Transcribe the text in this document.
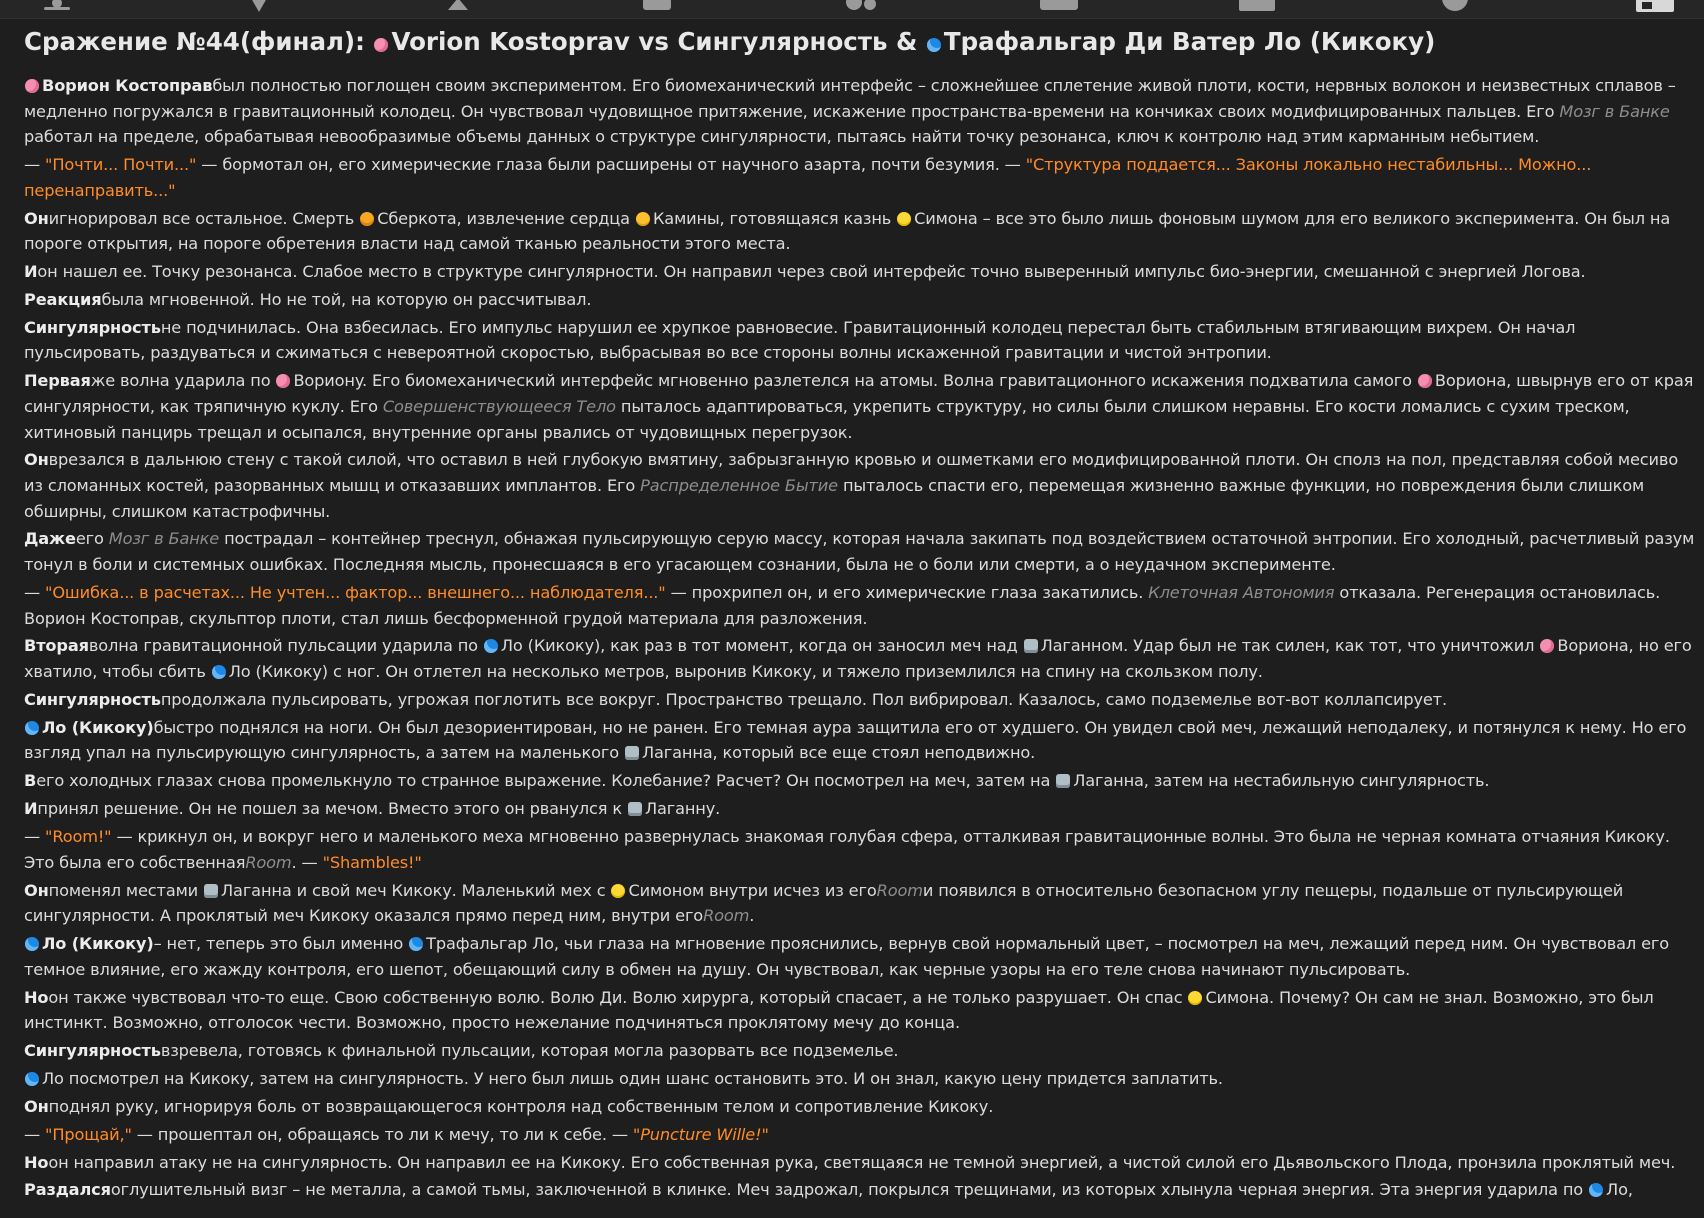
Сражение №44(финал): Vorion Kostoprav vs Сингулярность & Трафальгар Ди Ватер Ло (Кикоку)
Ворион Костоправбыл полностью поглощен своим экспериментом. Его биомеханический интерфейс – сложнейшее сплетение живой плоти, кости, нервных волокон и неизвестных сплавов – медленно погружался в гравитационный колодец. Он чувствовал чудовищное притяжение, искажение пространства-времени на кончиках своих модифицированных пальцев. Его Мозг в Банке работал на пределе, обрабатывая невообразимые объемы данных о структуре сингулярности, пытаясь найти точку резонанса, ключ к контролю над этим карманным небытием.
— "Почти... Почти..." — бормотал он, его химерические глаза были расширены от научного азарта, почти безумия. — "Структура поддается... Законы локально нестабильны... Можно... перенаправить..."
Онигнорировал все остальное. Смерть Сберкота, извлечение сердца Камины, готовящаяся казнь Симона – все это было лишь фоновым шумом для его великого эксперимента. Он был на пороге открытия, на пороге обретения власти над самой тканью реальности этого места.
Ион нашел ее. Точку резонанса. Слабое место в структуре сингулярности. Он направил через свой интерфейс точно выверенный импульс био-энергии, смешанной с энергией Логова.
Реакциябыла мгновенной. Но не той, на которую он рассчитывал.
Сингулярностьне подчинилась. Она взбесилась. Его импульс нарушил ее хрупкое равновесие. Гравитационный колодец перестал быть стабильным втягивающим вихрем. Он начал пульсировать, раздуваться и сжиматься с невероятной скоростью, выбрасывая во все стороны волны искаженной гравитации и чистой энтропии.
Перваяже волна ударила по Ворионy. Его биомеханический интерфейс мгновенно разлетелся на атомы. Волна гравитационного искажения подхватила самого Вориона, швырнув его от края сингулярности, как тряпичную куклу. Его Совершенствующееся Тело пыталось адаптироваться, укрепить структуру, но силы были слишком неравны. Его кости ломались с сухим треском, хитиновый панцирь трещал и осыпался, внутренние органы рвались от чудовищных перегрузок.
Онврезался в дальнюю стену с такой силой, что оставил в ней глубокую вмятину, забрызганную кровью и ошметками его модифицированной плоти. Он сполз на пол, представляя собой месиво из сломанных костей, разорванных мышц и отказавших имплантов. Его Распределенное Бытие пыталось спасти его, перемещая жизненно важные функции, но повреждения были слишком обширны, слишком катастрофичны.
Дажеего Мозг в Банке пострадал – контейнер треснул, обнажая пульсирующую серую массу, которая начала закипать под воздействием остаточной энтропии. Его холодный, расчетливый разум тонул в боли и системных ошибках. Последняя мысль, пронесшаяся в его угасающем сознании, была не о боли или смерти, а о неудачном эксперименте.
— "Ошибка... в расчетах... Не учтен... фактор... внешнего... наблюдателя..." — прохрипел он, и его химерические глаза закатились. Клеточная Автономия отказала. Регенерация остановилась. Ворион Костоправ, скульптор плоти, стал лишь бесформенной грудой материала для разложения.
Втораяволна гравитационной пульсации ударила по Ло (Кикоку), как раз в тот момент, когда он заносил меч над Лаганном. Удар был не так силен, как тот, что уничтожил Вориона, но его хватило, чтобы сбить Ло (Кикоку) с ног. Он отлетел на несколько метров, выронив Кикоку, и тяжело приземлился на спину на скользком полу.
Сингулярностьпродолжала пульсировать, угрожая поглотить все вокруг. Пространство трещало. Пол вибрировал. Казалось, само подземелье вот-вот коллапсирует.
Ло (Кикоку)быстро поднялся на ноги. Он был дезориентирован, но не ранен. Его темная аура защитила его от худшего. Он увидел свой меч, лежащий неподалеку, и потянулся к нему. Но его взгляд упал на пульсирующую сингулярность, а затем на маленького Лаганна, который все еще стоял неподвижно.
Вего холодных глазах снова промелькнуло то странное выражение. Колебание? Расчет? Он посмотрел на меч, затем на Лаганна, затем на нестабильную сингулярность.
Ипринял решение. Он не пошел за мечом. Вместо этого он рванулся к Лаганну.
— "Room!" — крикнул он, и вокруг него и маленького меха мгновенно развернулась знакомая голубая сфера, отталкивая гравитационные волны. Это была не черная комната отчаяния Кикоку. Это была его собственнаяRoom. — "Shambles!"
Онпоменял местами Лаганна и свой меч Кикоку. Маленький мех с Симоном внутри исчез из егоRoomи появился в относительно безопасном углу пещеры, подальше от пульсирующей сингулярности. А проклятый меч Кикоку оказался прямо перед ним, внутри егоRoom.
Ло (Кикоку)– нет, теперь это был именно Трафальгар Ло, чьи глаза на мгновение прояснились, вернув свой нормальный цвет, – посмотрел на меч, лежащий перед ним. Он чувствовал его темное влияние, его жажду контроля, его шепот, обещающий силу в обмен на душу. Он чувствовал, как черные узоры на его теле снова начинают пульсировать.
Ноон также чувствовал что-то еще. Свою собственную волю. Волю Ди. Волю хирурга, который спасает, а не только разрушает. Он спас Симона. Почему? Он сам не знал. Возможно, это был инстинкт. Возможно, отголосок чести. Возможно, просто нежелание подчиняться проклятому мечу до конца.
Сингулярностьвзревела, готовясь к финальной пульсации, которая могла разорвать все подземелье.
Ло посмотрел на Кикоку, затем на сингулярность. У него был лишь один шанс остановить это. И он знал, какую цену придется заплатить.
Онподнял руку, игнорируя боль от возвращающегося контроля над собственным телом и сопротивление Кикоку.
— "Прощай," — прошептал он, обращаясь то ли к мечу, то ли к себе. — "Puncture Wille!"
Ноон направил атаку не на сингулярность. Он направил ее на Кикоку. Его собственная рука, светящаяся не темной энергией, а чистой силой его Дьявольского Плода, пронзила проклятый меч.
Раздалсяоглушительный визг – не металла, а самой тьмы, заключенной в клинке. Меч задрожал, покрылся трещинами, из которых хлынула черная энергия. Эта энергия ударила по Ло,
